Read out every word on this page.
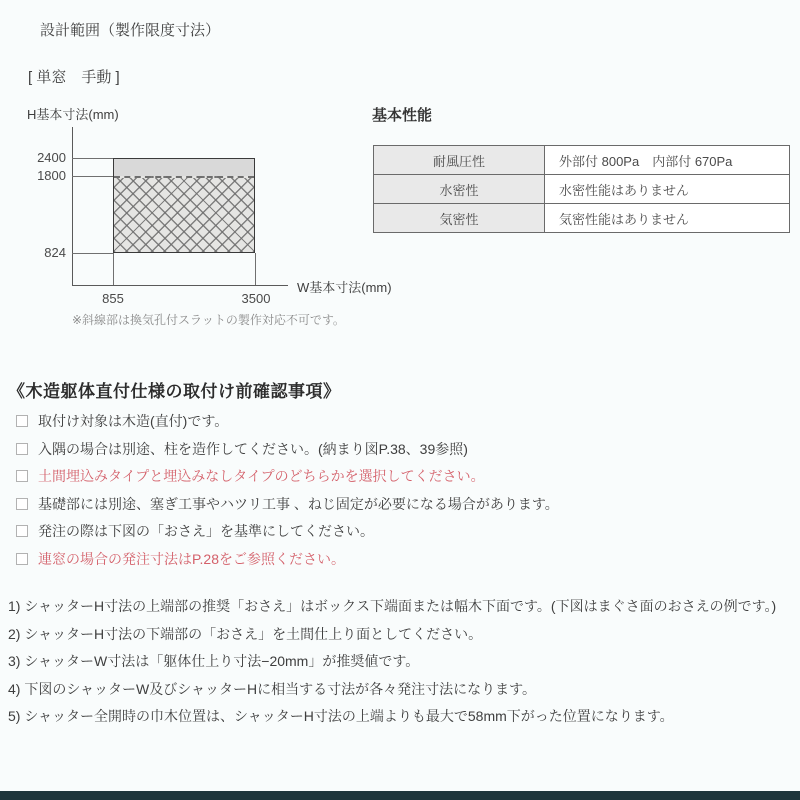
設計範囲（製作限度寸法）
[ 単窓　手動 ]
H基本寸法(mm)
2400
1800
824
855	3500
W基本寸法(mm)
※斜線部は換気孔付スラットの製作対応不可です。
基本性能
耐風圧性	外部付 800Pa　内部付 670Pa
水密性	水密性能はありません
気密性	気密性能はありません
《木造躯体直付仕様の取付け前確認事項》
取付け対象は木造(直付)です。
入隅の場合は別途、柱を造作してください。(納まり図P.38、39参照)
土間埋込みタイプと埋込みなしタイプのどちらかを選択してください。
基礎部には別途、塞ぎ工事やハツリ工事 、ねじ固定が必要になる場合があります。
発注の際は下図の「おさえ」を基準にしてください。
連窓の場合の発注寸法はP.28をご参照ください。
1) シャッターH寸法の上端部の推奨「おさえ」はボックス下端面または幅木下面です。(下図はまぐさ面のおさえの例です。)
2) シャッターH寸法の下端部の「おさえ」を土間仕上り面としてください。
3) シャッターW寸法は「躯体仕上り寸法−20mm」が推奨値です。
4) 下図のシャッターW及びシャッターHに相当する寸法が各々発注寸法になります。
5) シャッター全開時の巾木位置は、シャッターH寸法の上端よりも最大で58mm下がった位置になります。
